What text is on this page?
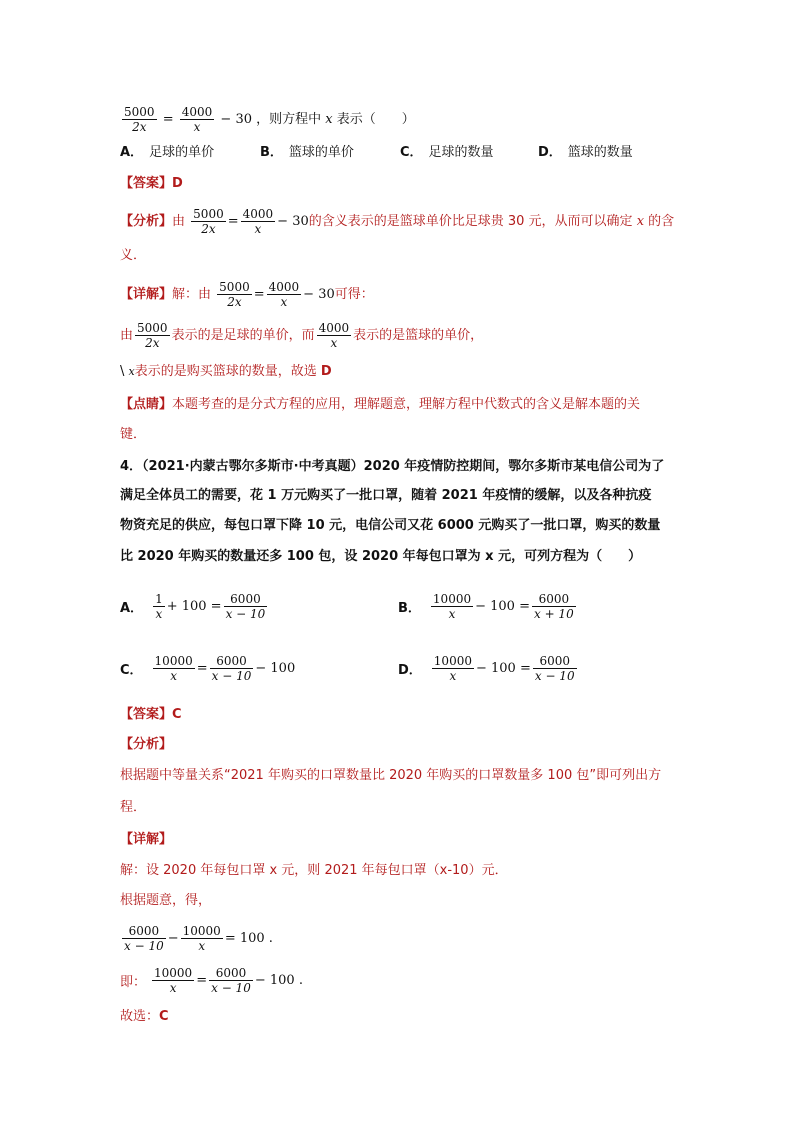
$\frac{5000}{2x} = \frac{4000}{x} - 30$ ，则方程中 x 表示（　　）
A． 足球的单价	B． 篮球的单价	C． 足球的数量	D． 篮球的数量
【答案】D
【分析】由 $\frac{5000}{2x} = \frac{4000}{x} - 30$的含义表示的是篮球单价比足球贵 30 元，从而可以确定 x 的含
义．
【详解】解：由 $\frac{5000}{2x} = \frac{4000}{x} - 30$可得：
由 $\frac{5000}{2x}$ 表示的是足球的单价，而 $\frac{4000}{x}$ 表示的是篮球的单价，
\ x表示的是购买篮球的数量，故选 D
【点睛】本题考查的是分式方程的应用，理解题意，理解方程中代数式的含义是解本题的关
键．
4．（2021·内蒙古鄂尔多斯市·中考真题）2020 年疫情防控期间，鄂尔多斯市某电信公司为了
满足全体员工的需要，花 1 万元购买了一批口罩，随着 2021 年疫情的缓解，以及各种抗疫
物资充足的供应，每包口罩下降 10 元，电信公司又花 6000 元购买了一批口罩，购买的数量
比 2020 年购买的数量还多 100 包，设 2020 年每包口罩为 x 元，可列方程为（　　）
A． $\frac{1}{x} + 100 = \frac{6000}{x - 10}$	B． $\frac{10000}{x} - 100 = \frac{6000}{x + 10}$
C． $\frac{10000}{x} = \frac{6000}{x - 10} - 100$	D． $\frac{10000}{x} - 100 = \frac{6000}{x - 10}$
【答案】C
【分析】
根据题中等量关系“2021 年购买的口罩数量比 2020 年购买的口罩数量多 100 包”即可列出方
程．
【详解】
解：设 2020 年每包口罩 x 元，则 2021 年每包口罩（x-10）元．
根据题意，得，
$\frac{6000}{x - 10} - \frac{10000}{x} = 100$ .
即： $\frac{10000}{x} = \frac{6000}{x - 10} - 100$ .
故选：C
